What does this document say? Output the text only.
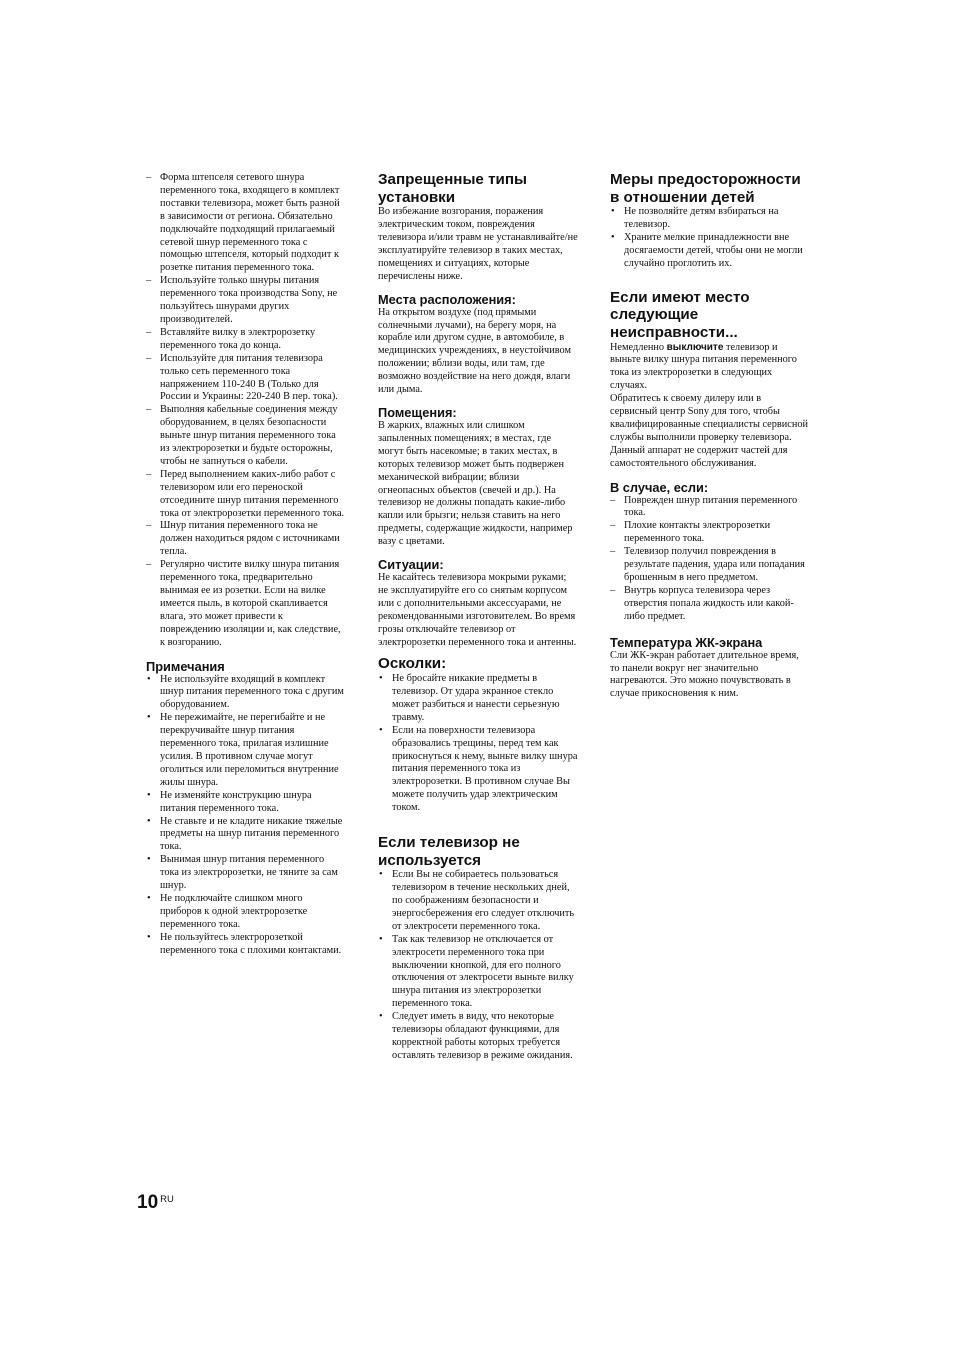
– Форма штепселя сетевого шнура переменного тока, входящего в комплект поставки телевизора, может быть разной в зависимости от региона. Обязательно подключайте подходящий прилагаемый сетевой шнур переменного тока с помощью штепселя, который подходит к розетке питания переменного тока.
– Используйте только шнуры питания переменного тока производства Sony, не пользуйтесь шнурами других производителей.
– Вставляйте вилку в электророзетку переменного тока до конца.
– Используйте для питания телевизора только сеть переменного тока напряжением 110-240 В (Только для России и Украины: 220-240 В пер. тока).
– Выполняя кабельные соединения между оборудованием, в целях безопасности выньте шнур питания переменного тока из электророзетки и будьте осторожны, чтобы не запнуться о кабели.
– Перед выполнением каких-либо работ с телевизором или его переноской отсоедините шнур питания переменного тока от электророзетки переменного тока.
– Шнур питания переменного тока не должен находиться рядом с источниками тепла.
– Регулярно чистите вилку шнура питания переменного тока, предварительно вынимая ее из розетки. Если на вилке имеется пыль, в которой скапливается влага, это может привести к повреждению изоляции и, как следствие, к возгоранию.
Примечания
• Не используйте входящий в комплект шнур питания переменного тока с другим оборудованием.
• Не пережимайте, не перегибайте и не перекручивайте шнур питания переменного тока, прилагая излишние усилия. В противном случае могут оголиться или переломиться внутренние жилы шнура.
• Не изменяйте конструкцию шнура питания переменного тока.
• Не ставьте и не кладите никакие тяжелые предметы на шнур питания переменного тока.
• Вынимая шнур питания переменного тока из электророзетки, не тяните за сам шнур.
• Не подключайте слишком много приборов к одной электророзетке переменного тока.
• Не пользуйтесь электророзеткой переменного тока с плохими контактами.
Запрещенные типы установки

Во избежание возгорания, поражения электрическим током, повреждения телевизора и/или травм не устанавливайте/не эксплуатируйте телевизор в таких местах, помещениях и ситуациях, которые перечислены ниже.

Места расположения:

На открытом воздухе (под прямыми солнечными лучами), на берегу моря, на корабле или другом судне, в автомобиле, в медицинских учреждениях, в неустойчивом положении; вблизи воды, или там, где возможно воздействие на него дождя, влаги или дыма.

Помещения:

В жарких, влажных или слишком запыленных помещениях; в местах, где могут быть насекомые; в таких местах, в которых телевизор может быть подвержен механической вибрации; вблизи огнеопасных объектов (свечей и др.). На телевизор не должны попадать какие-либо капли или брызги; нельзя ставить на него предметы, содержащие жидкости, например вазу с цветами.

Ситуации:

Не касайтесь телевизора мокрыми руками; не эксплуатируйте его со снятым корпусом или с дополнительными аксессуарами, не рекомендованными изготовителем. Во время грозы отключайте телевизор от электророзетки переменного тока и антенны.

Осколки:
• Не бросайте никакие предметы в телевизор. От удара экранное стекло может разбиться и нанести серьезную травму.
• Если на поверхности телевизора образовались трещины, перед тем как прикоснуться к нему, выньте вилку шнура питания переменного тока из электророзетки. В противном случае Вы можете получить удар электрическим током.
Если телевизор не используется
• Если Вы не собираетесь пользоваться телевизором в течение нескольких дней, по соображениям безопасности и энергосбережения его следует отключить от электросети переменного тока.
• Так как телевизор не отключается от электросети переменного тока при выключении кнопкой, для его полного отключения от электросети выньте вилку шнура питания из электророзетки переменного тока.
• Следует иметь в виду, что некоторые телевизоры обладают функциями, для корректной работы которых требуется оставлять телевизор в режиме ожидания.
Меры предосторожности в отношении детей
• Не позволяйте детям взбираться на телевизор.
• Храните мелкие принадлежности вне досягаемости детей, чтобы они не могли случайно проглотить их.
Если имеют место следующие неисправности...

Немедленно выключите телевизор и выньте вилку шнура питания переменного тока из электророзетки в следующих случаях.

Обратитесь к своему дилеру или в сервисный центр Sony для того, чтобы квалифицированные специалисты сервисной службы выполнили проверку телевизора. Данный аппарат не содержит частей для самостоятельного обслуживания.

В случае, если:
– Поврежден шнур питания переменного тока.
– Плохие контакты электророзетки переменного тока.
– Телевизор получил повреждения в результате падения, удара или попадания брошенным в него предметом.
– Внутрь корпуса телевизора через отверстия попала жидкость или какой-либо предмет.
Температура ЖК-экрана

Сли ЖК-экран работает длительное время, то панели вокруг нег значительно нагреваются. Это можно почувствовать в случае прикосновения к ним.

10 $^{RU}$
